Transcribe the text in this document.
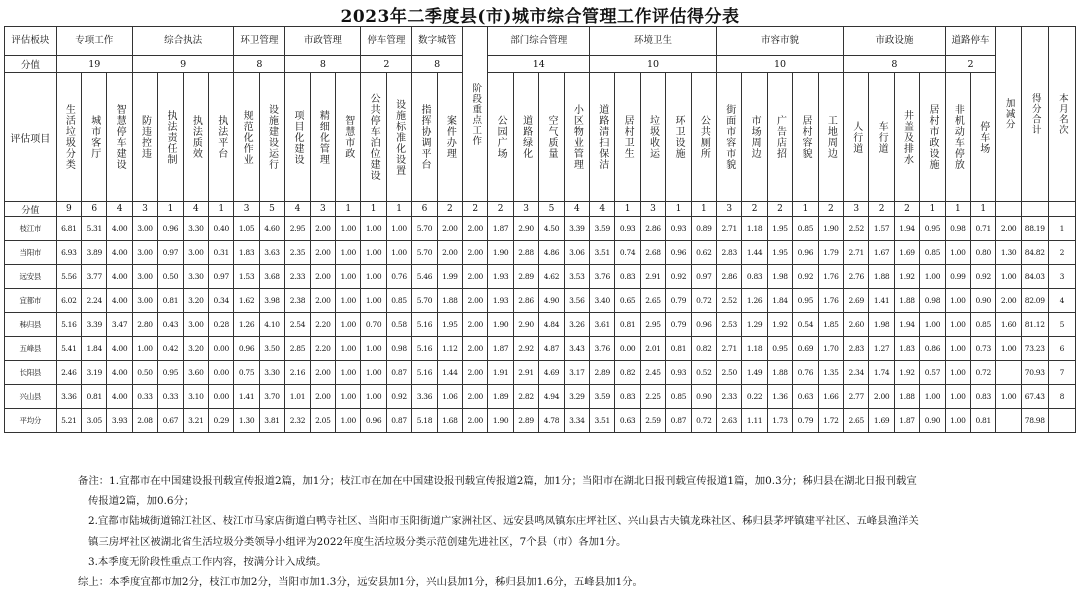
2023年二季度县(市)城市综合管理工作评估得分表
评估板块	专项工作			综合执法				环卫管理		市政管理			停车管理		数字城管		阶段重点工作	部门综合管理				环境卫生					市容市貌					市政设施				道路停车		加减分	得分合计	本月名次
分值	19			9				8		8			2		8			14				10					10					8				2				
评估项目	生活垃圾分类	城市客厅	智慧停车建设	防违控违	执法责任制	执法质效	执法平台	规范化作业	设施建设运行	项目化建设	精细化管理	智慧市政	公共停车泊位建设	设施标准化设置	指挥协调平台	案件办理		公园广场	道路绿化	空气质量	小区物业管理	道路清扫保洁	居村卫生	垃圾收运	环卫设施	公共厕所	街面市容市貌	市场周边	广告店招	居村容貌	工地周边	人行道	车行道	井盖及排水	居村市政设施	非机动车停放	停车场			
分值	9	6	4	3	1	4	1	3	5	4	3	1	1	1	6	2	2	2	3	5	4	4	1	3	1	1	3	2	2	1	2	3	2	2	1	1	1			
枝江市	6.81	5.31	4.00	3.00	0.96	3.30	0.40	1.05	4.60	2.95	2.00	1.00	1.00	1.00	5.70	2.00	2.00	1.87	2.90	4.50	3.39	3.59	0.93	2.86	0.93	0.89	2.71	1.18	1.95	0.85	1.90	2.52	1.57	1.94	0.95	0.98	0.71	2.00	88.19	1
当阳市	6.93	3.89	4.00	3.00	0.97	3.00	0.31	1.83	3.63	2.35	2.00	1.00	1.00	1.00	5.70	2.00	2.00	1.90	2.88	4.86	3.06	3.51	0.74	2.68	0.96	0.62	2.83	1.44	1.95	0.96	1.79	2.71	1.67	1.69	0.85	1.00	0.80	1.30	84.82	2
远安县	5.56	3.77	4.00	3.00	0.50	3.30	0.97	1.53	3.68	2.33	2.00	1.00	1.00	0.76	5.46	1.99	2.00	1.93	2.89	4.62	3.53	3.76	0.83	2.91	0.92	0.97	2.86	0.83	1.98	0.92	1.76	2.76	1.88	1.92	1.00	0.99	0.92	1.00	84.03	3
宜都市	6.02	2.24	4.00	3.00	0.81	3.20	0.34	1.62	3.98	2.38	2.00	1.00	1.00	0.85	5.70	1.88	2.00	1.93	2.86	4.90	3.56	3.40	0.65	2.65	0.79	0.72	2.52	1.26	1.84	0.95	1.76	2.69	1.41	1.88	0.98	1.00	0.90	2.00	82.09	4
秭归县	5.16	3.39	3.47	2.80	0.43	3.00	0.28	1.26	4.10	2.54	2.20	1.00	0.70	0.58	5.16	1.95	2.00	1.90	2.90	4.84	3.26	3.61	0.81	2.95	0.79	0.96	2.53	1.29	1.92	0.54	1.85	2.60	1.98	1.94	1.00	1.00	0.85	1.60	81.12	5
五峰县	5.41	1.84	4.00	1.00	0.42	3.20	0.00	0.96	3.50	2.85	2.20	1.00	1.00	0.98	5.16	1.12	2.00	1.87	2.92	4.87	3.43	3.76	0.00	2.01	0.81	0.82	2.71	1.18	0.95	0.69	1.70	2.83	1.27	1.83	0.86	1.00	0.73	1.00	73.23	6
长阳县	2.46	3.19	4.00	0.50	0.95	3.60	0.00	0.75	3.30	2.16	2.00	1.00	1.00	0.87	5.16	1.44	2.00	1.91	2.91	4.69	3.17	2.89	0.82	2.45	0.93	0.52	2.50	1.49	1.88	0.76	1.35	2.34	1.74	1.92	0.57	1.00	0.72		70.93	7
兴山县	3.36	0.81	4.00	0.33	0.33	3.10	0.00	1.41	3.70	1.01	2.00	1.00	1.00	0.92	3.36	1.06	2.00	1.89	2.82	4.94	3.29	3.59	0.83	2.25	0.85	0.90	2.33	0.22	1.36	0.63	1.66	2.77	2.00	1.88	1.00	1.00	0.83	1.00	67.43	8
平均分	5.21	3.05	3.93	2.08	0.67	3.21	0.29	1.30	3.81	2.32	2.05	1.00	0.96	0.87	5.18	1.68	2.00	1.90	2.89	4.78	3.34	3.51	0.63	2.59	0.87	0.72	2.63	1.11	1.73	0.79	1.72	2.65	1.69	1.87	0.90	1.00	0.81		78.98	
备注：1.宜都市在中国建设报刊载宣传报道2篇，加1分；枝江市在加在中国建设报刊载宣传报道2篇，加1分；当阳市在湖北日报刊载宣传报道1篇，加0.3分；秭归县在湖北日报刊载宣
传报道2篇，加0.6分；
2.宜都市陆城街道锦江社区、枝江市马家店街道白鸭寺社区、当阳市玉阳街道广家洲社区、远安县鸣凤镇东庄坪社区、兴山县古夫镇龙珠社区、秭归县茅坪镇建平社区、五峰县渔洋关
镇三房坪社区被湖北省生活垃圾分类领导小组评为2022年度生活垃圾分类示范创建先进社区，7个县（市）各加1分。
3.本季度无阶段性重点工作内容，按满分计入成绩。
综上：本季度宜都市加2分，枝江市加2分，当阳市加1.3分，远安县加1分，兴山县加1分，秭归县加1.6分，五峰县加1分。
